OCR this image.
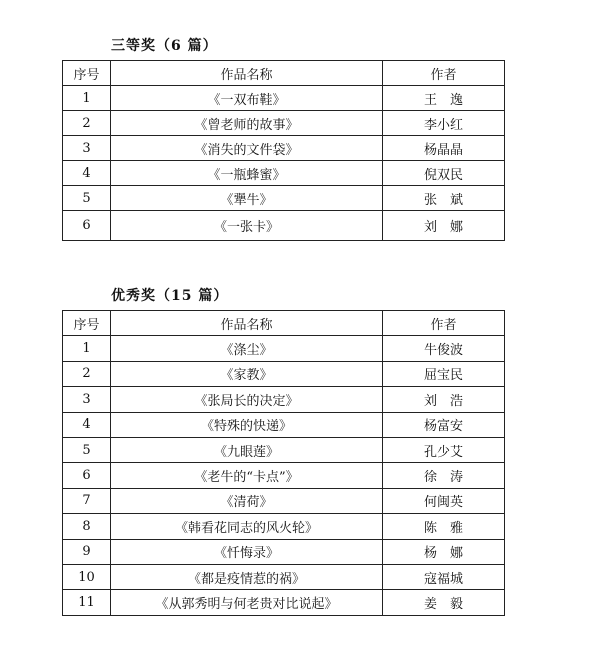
三等奖（6 篇）
序号	作品名称	作者
1	《一双布鞋》	王　逸
2	《曾老师的故事》	李小红
3	《消失的文件袋》	杨晶晶
4	《一瓶蜂蜜》	倪双民
5	《犟牛》	张　斌
6	《一张卡》	刘　娜
优秀奖（15 篇）
序号	作品名称	作者
1	《涤尘》	牛俊波
2	《家教》	屈宝民
3	《张局长的决定》	刘　浩
4	《特殊的快递》	杨富安
5	《九眼莲》	孔少艾
6	《老牛的“卡点”》	徐　涛
7	《清荷》	何闽英
8	《韩看花同志的风火轮》	陈　雅
9	《忏悔录》	杨　娜
10	《都是疫情惹的祸》	寇福城
11	《从郭秀明与何老贵对比说起》	姜　毅
